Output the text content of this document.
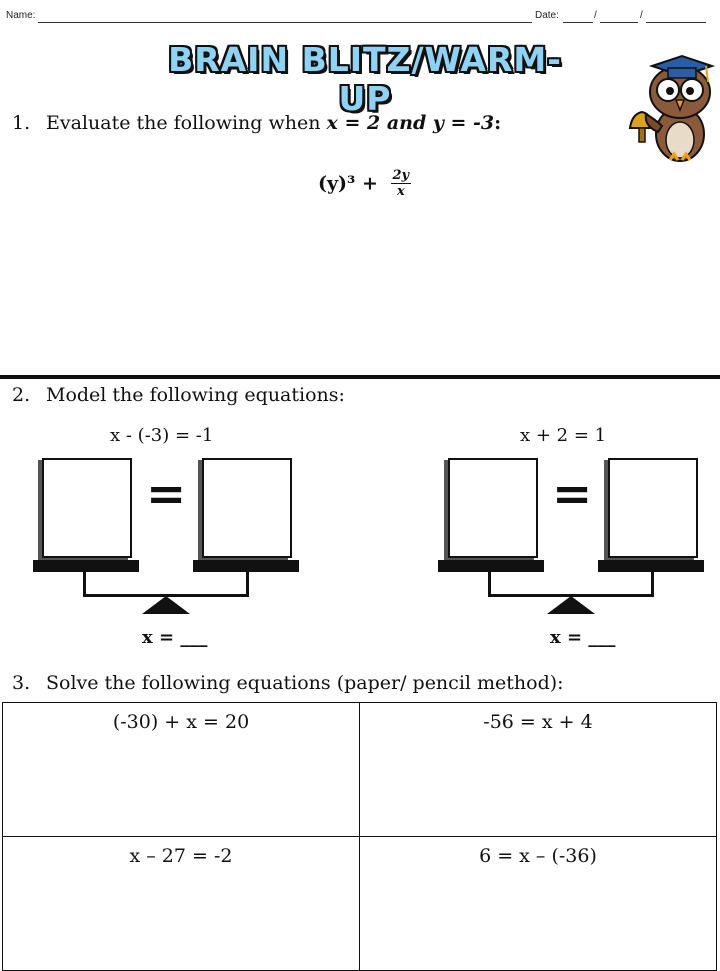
Name:	Date:	/	/
BRAIN BLITZ/WARM-UP
1. Evaluate the following when x = 2 and y = -3:
$(y)^3 + \frac{2y}{x}$
2. Model the following equations:
x - (-3) = -1	x + 2 = 1
=
x = ___
=
x = ___
3. Solve the following equations (paper/ pencil method):
(-30) + x = 20	-56 = x + 4
x – 27 = -2	6 = x – (-36)
